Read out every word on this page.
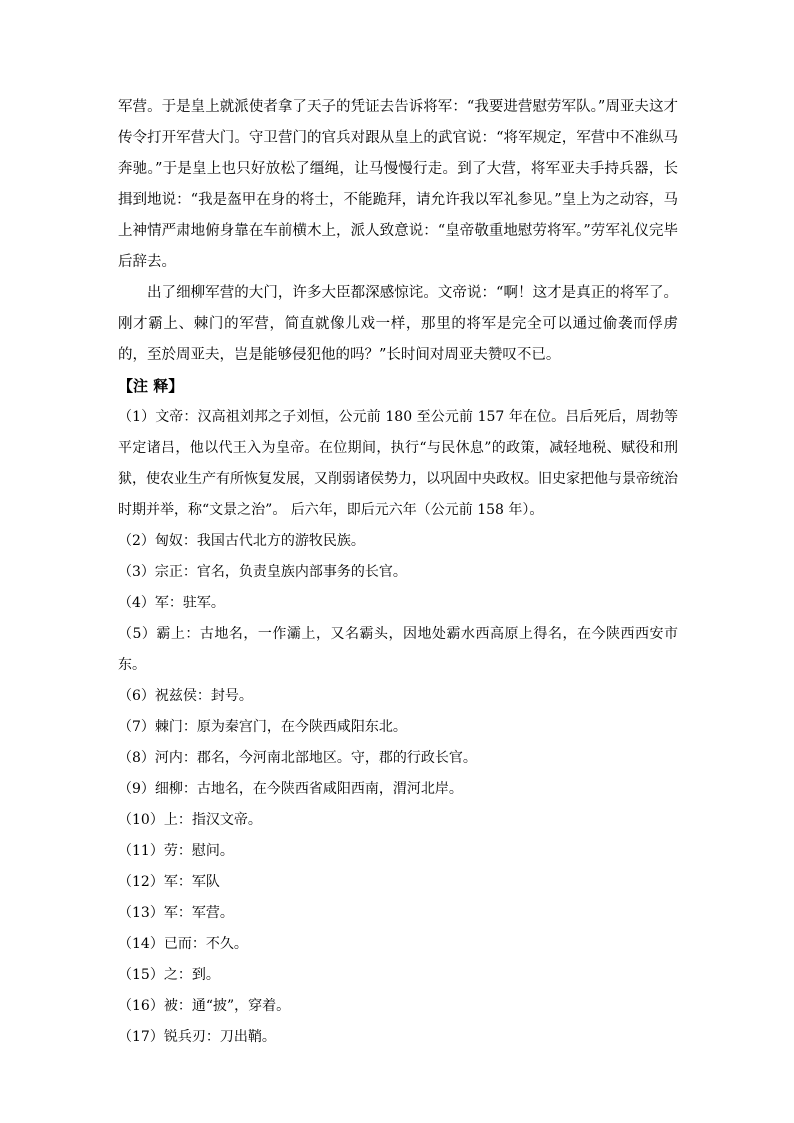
军营。于是皇上就派使者拿了天子的凭证去告诉将军：“我要进营慰劳军队。”周亚夫这才传令打开军营大门。守卫营门的官兵对跟从皇上的武官说：“将军规定，军营中不准纵马奔驰。”于是皇上也只好放松了缰绳，让马慢慢行走。到了大营，将军亚夫手持兵器，长揖到地说：“我是盔甲在身的将士，不能跪拜，请允许我以军礼参见。”皇上为之动容，马上神情严肃地俯身靠在车前横木上，派人致意说：“皇帝敬重地慰劳将军。”劳军礼仪完毕后辞去。

出了细柳军营的大门，许多大臣都深感惊诧。文帝说：“啊！这才是真正的将军了。刚才霸上、棘门的军营，简直就像儿戏一样，那里的将军是完全可以通过偷袭而俘虏的，至於周亚夫，岂是能够侵犯他的吗？”长时间对周亚夫赞叹不已。

【注 释】

（1）文帝：汉高祖刘邦之子刘恒，公元前 180 至公元前 157 年在位。吕后死后，周勃等平定诸吕，他以代王入为皇帝。在位期间，执行“与民休息”的政策，减轻地税、赋役和刑狱，使农业生产有所恢复发展，又削弱诸侯势力，以巩固中央政权。旧史家把他与景帝统治时期并举，称“文景之治”。 后六年，即后元六年（公元前 158 年）。

（2）匈奴：我国古代北方的游牧民族。

（3）宗正：官名，负责皇族内部事务的长官。

（4）军：驻军。

（5）霸上：古地名，一作灞上，又名霸头，因地处霸水西高原上得名，在今陕西西安市东。

（6）祝兹侯：封号。

（7）棘门：原为秦宫门，在今陕西咸阳东北。

（8）河内：郡名，今河南北部地区。守，郡的行政长官。

（9）细柳：古地名，在今陕西省咸阳西南，渭河北岸。

（10）上：指汉文帝。

（11）劳：慰问。

（12）军：军队

（13）军：军营。

（14）已而：不久。

（15）之：到。

（16）被：通“披”，穿着。

（17）锐兵刃：刀出鞘。
